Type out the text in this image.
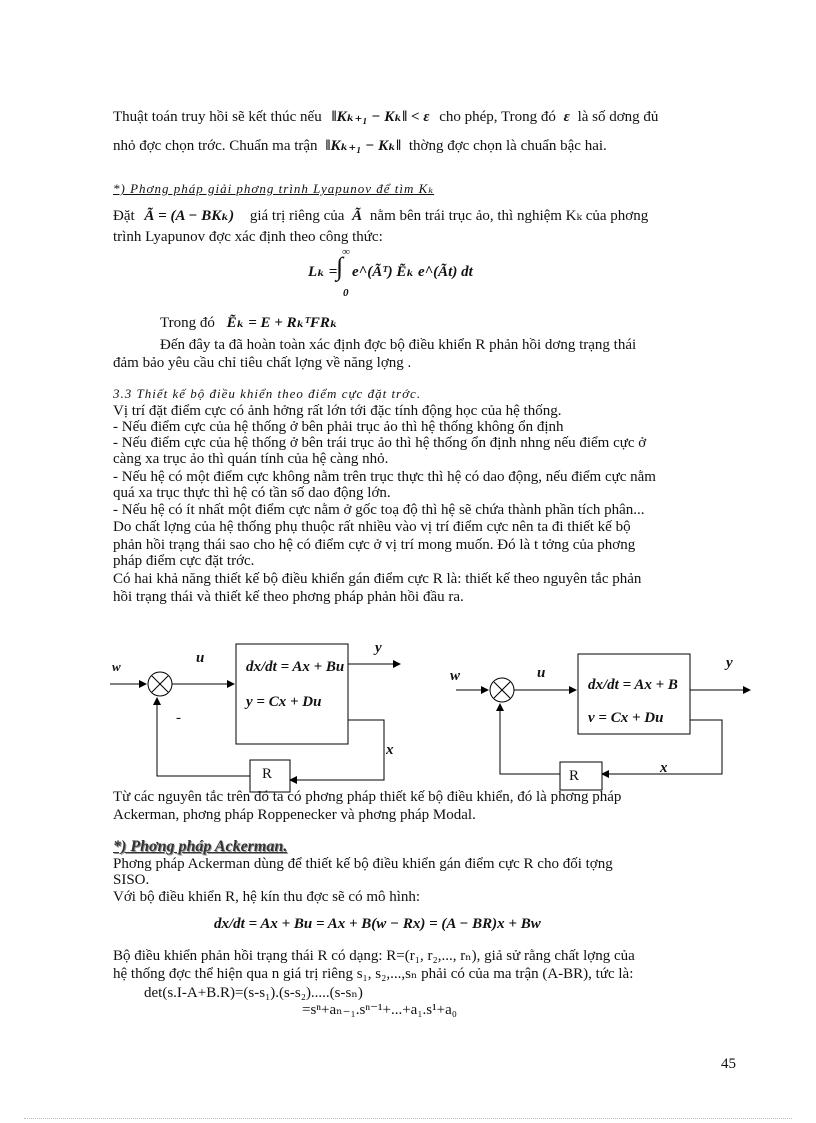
Thuật toán truy hồi sẽ kết thúc nếu ‖Kₖ₊₁ − Kₖ‖ < ε cho phép, Trong đó ε là số dơng đủ
nhỏ đợc chọn trớc. Chuẩn ma trận ‖Kₖ₊₁ − Kₖ‖ thờng đợc chọn là chuẩn bậc hai.
*) Phơng pháp giải phơng trình Lyapunov để tìm Kₖ
Đặt Ã = (A − BKₖ) giá trị riêng của Ã nằm bên trái trục ảo, thì nghiệm Kₖ của phơng
trình Lyapunov đợc xác định theo công thức:
Lₖ =
∫
∞
0
e^(Ãᵀ) Ẽₖ e^(Ãt) dt
Trong đó Ẽₖ = E + RₖᵀFRₖ
Đến đây ta đã hoàn toàn xác định đợc bộ điều khiển R phản hồi dơng trạng thái
đảm bảo yêu cầu chỉ tiêu chất lợng về năng lợng .
3.3 Thiết kế bộ điều khiển theo điểm cực đặt trớc.
Vị trí đặt điểm cực có ảnh hởng rất lớn tới đặc tính động học của hệ thống.
- Nếu điểm cực của hệ thống ở bên phải trục ảo thì hệ thống không ổn định
- Nếu điểm cực của hệ thống ở bên trái trục ảo thì hệ thống ổn định nhng nếu điểm cực ở
càng xa trục ảo thì quán tính của hệ càng nhỏ.
- Nếu hệ có một điểm cực không nằm trên trục thực thì hệ có dao động, nếu điểm cực nằm
quá xa trục thực thì hệ có tần số dao động lớn.
- Nếu hệ có ít nhất một điểm cực nằm ở gốc toạ độ thì hệ sẽ chứa thành phần tích phân...
Do chất lợng của hệ thống phụ thuộc rất nhiều vào vị trí điểm cực nên ta đi thiết kế bộ
phản hồi trạng thái sao cho hệ có điểm cực ở vị trí mong muốn. Đó là t tởng của phơng
pháp điểm cực đặt trớc.
Có hai khả năng thiết kế bộ điều khiển gán điểm cực R là: thiết kế theo nguyên tắc phản
hồi trạng thái và thiết kế theo phơng pháp phản hồi đầu ra.
w
u
y
x
-
R
dx/dt = Ax + Bu
y = Cx + Du
w	u
y
x
R
dx/dt = Ax + B
v = Cx + Du
Từ các nguyên tắc trên đó ta có phơng pháp thiết kế bộ điều khiển, đó là phơng pháp
Ackerman, phơng pháp Roppenecker và phơng pháp Modal.
*) Phơng pháp Ackerman.
Phơng pháp Ackerman dùng để thiết kế bộ điều khiển gán điểm cực R cho đối tợng
SISO.
Với bộ điều khiển R, hệ kín thu đợc sẽ có mô hình:
dx/dt = Ax + Bu = Ax + B(w − Rx) = (A − BR)x + Bw
Bộ điều khiển phản hồi trạng thái R có dạng: R=(r₁, r₂,..., rₙ), giả sử rằng chất lợng của
hệ thống đợc thể hiện qua n giá trị riêng s₁, s₂,...,sₙ phải có của ma trận (A-BR), tức là:
det(s.I-A+B.R)=(s-s₁).(s-s₂).....(s-sₙ)
=sⁿ+aₙ₋₁.sⁿ⁻¹+...+a₁.s¹+a₀
45
